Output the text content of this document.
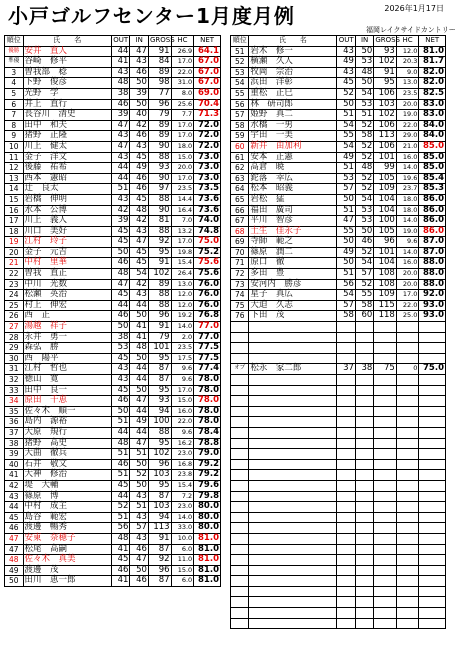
小戸ゴルフセンター1月度月例	2026年1月17日
福岡レイクサイドカントリー
順位	氏　　名	OUT	IN	GROSS	HC	NET
優勝	安井　直人	44	47	91	26.9	64.1
準優	谷崎　修平	41	43	84	17.0	67.0
3	曽我部　稔	43	46	89	22.0	67.0
4	下野　俊彦	48	50	98	31.0	67.0
5	光野　学	38	39	77	8.0	69.0
6	井上　直行	46	50	96	25.6	70.4
7	長谷川　清史	39	40	79	7.7	71.3
8	田中　和夫	47	42	89	17.0	72.0
9	猪野　正隆	43	46	89	17.0	72.0
10	川上　健太	47	43	90	18.0	72.0
11	金子　洋文	43	45	88	15.0	73.0
12	後藤　祐希	44	49	93	20.0	73.0
13	西本　憲昭	44	46	90	17.0	73.0
14	辻　良太	51	46	97	23.5	73.5
15	岩橋　伸明	43	45	88	14.4	73.6
16	水本　公博	42	48	90	16.4	73.6
17	川上　義人	39	42	81	7.0	74.0
18	川口　美好	45	43	88	13.2	74.8
19	江村　玲子	45	47	92	17.0	75.0
20	金子　元吉	50	45	95	19.8	75.2
21	中村　里華	46	45	91	15.4	75.6
22	曽我　直正	48	54	102	26.4	75.6
23	中川　光数	47	42	89	13.0	76.0
24	松瀬　英治	45	43	88	12.0	76.0
25	村上　伸宏	44	44	88	12.0	76.0
26	西　正	46	50	96	19.2	76.8
27	湯越　祥子	50	41	91	14.0	77.0
28	永井　勇一	38	41	79	2.0	77.0
29	森弘　勝	53	48	101	23.5	77.5
30	西　陽平	45	50	95	17.5	77.5
31	江村　哲也	43	44	87	9.6	77.4
32	徳山　寛	43	44	87	9.6	78.0
33	田中　良一	45	50	95	17.0	78.0
34	原田　千恵	46	47	93	15.0	78.0
35	佐々木　順一	50	44	94	16.0	78.0
36	島内　源裕	51	49	100	22.0	78.0
37	大原　規行	44	44	88	9.6	78.4
38	猪野　高史	48	47	95	16.2	78.8
39	大曲　徹兵	51	51	102	23.0	79.0
40	石井　敬文	46	50	96	16.8	79.2
41	大神　修治	51	52	103	23.8	79.2
42	堤　大輔	45	50	95	15.4	79.6
43	篠原　博	44	43	87	7.2	79.8
44	中村　成主	52	51	103	23.0	80.0
45	島谷　範宏	51	43	94	14.0	80.0
46	渡邊　暢秀	56	57	113	33.0	80.0
47	安東　奈穂子	48	43	91	10.0	81.0
47	松尾　高嗣	41	46	87	6.0	81.0
48	佐々木　真美	45	47	92	11.0	81.0
49	渡邊　茂	46	50	96	15.0	81.0
50	田川　恵一郎	41	46	87	6.0	81.0
順位	氏　　名	OUT	IN	GROSS	HC	NET
51	岩木　修一	43	50	93	12.0	81.0
52	横瀬　久人	49	53	102	20.3	81.7
53	牧岡　宗治	43	48	91	9.0	82.0
54	浜田　洋彰	45	50	95	13.0	82.0
55	重松　正巳	52	54	106	23.5	82.5
56	林　研司郎	50	53	103	20.0	83.0
57	姫野　真二	51	51	102	19.0	83.0
58	水橋　一男	54	52	106	22.0	84.0
59	宇田　一美	55	58	113	29.0	84.0
60	新井　由加利	54	52	106	21.0	85.0
61	安本　正憲	49	52	101	16.0	85.0
62	高倉　暁	51	48	99	14.0	85.0
63	鉈落　幸広	53	52	105	19.6	85.4
64	松本　昭義	57	52	109	23.7	85.3
65	岩松　猛	50	54	104	18.0	86.0
66	福田　廣司	51	53	104	18.0	86.0
67	平川　智彦	47	53	100	14.0	86.0
68	土生　佳永子	55	50	105	19.0	86.0
69	寺師　範之	50	46	96	9.6	87.0
70	篠原　潤二	49	52	101	14.0	87.0
71	原口　徹	50	54	104	16.0	88.0
72	多田　豊	51	57	108	20.0	88.0
73	安河内　勝彦	56	52	108	20.0	88.0
74	星子　真広	54	55	109	17.0	92.0
75	大迫　久志	57	58	115	22.0	93.0
76	下田　茂	58	60	118	25.0	93.0

オブ	松永　家二郎	37	38	75	0	75.0
